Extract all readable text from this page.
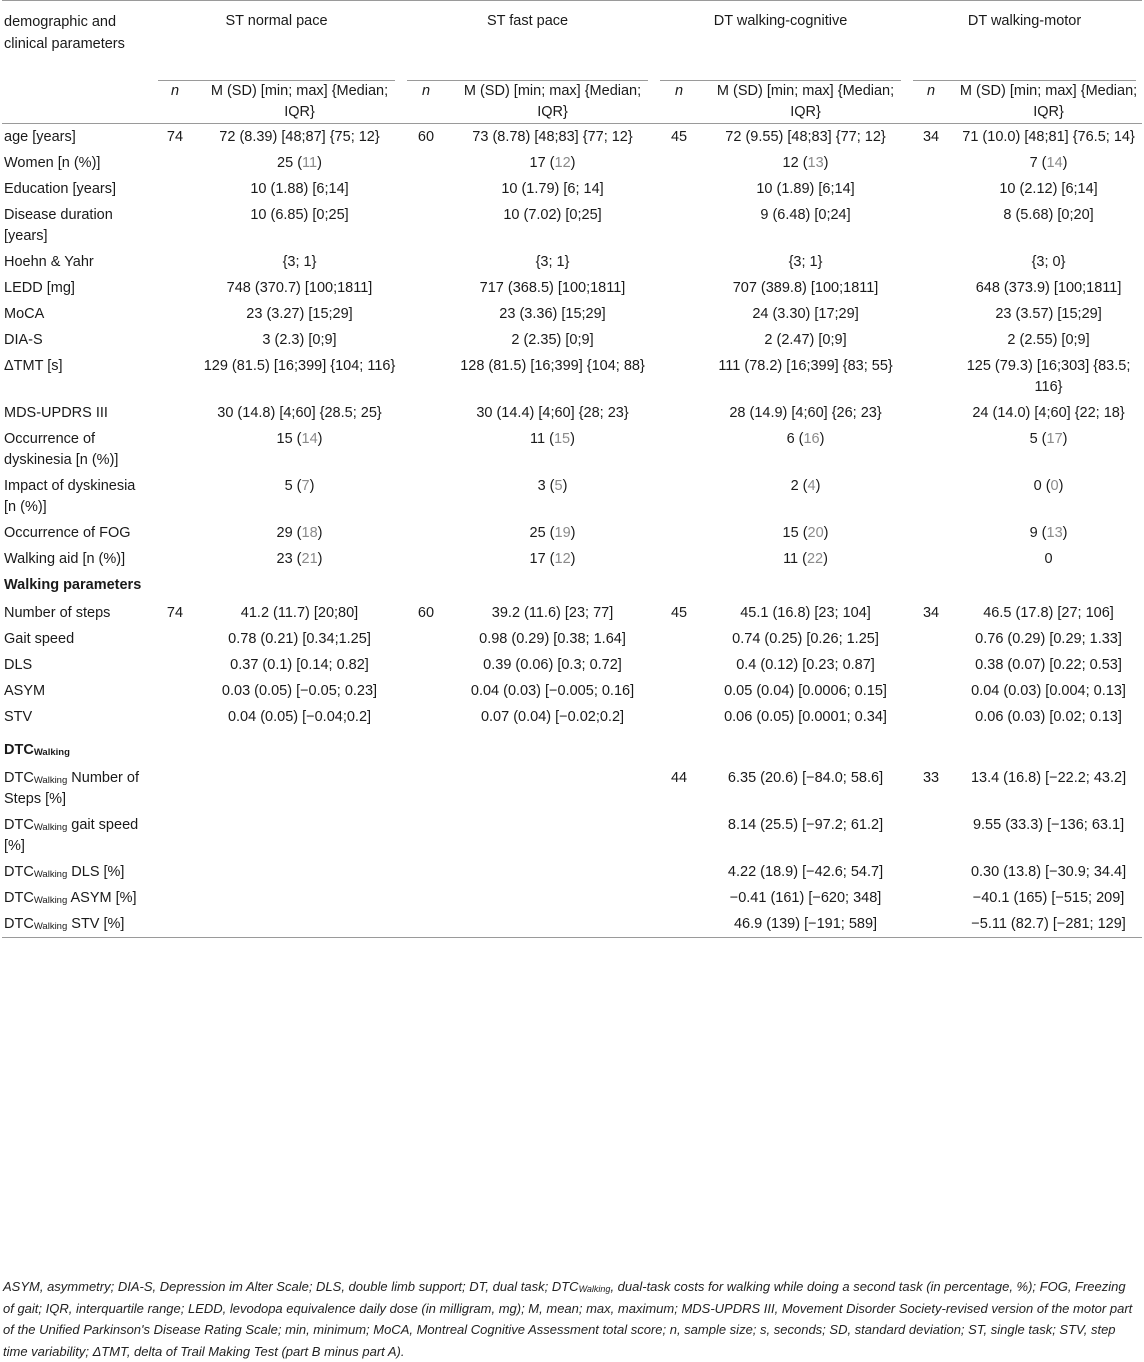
demographic and clinical parameters	ST normal pace		ST fast pace		DT walking-cognitive		DT walking-motor	
	n	M (SD) [min; max] {Median; IQR}	n	M (SD) [min; max] {Median; IQR}	n	M (SD) [min; max] {Median; IQR}	n	M (SD) [min; max] {Median; IQR}
age [years]	74	72 (8.39) [48;87] {75; 12}	60	73 (8.78) [48;83] {77; 12}	45	72 (9.55) [48;83] {77; 12}	34	71 (10.0) [48;81] {76.5; 14}
Women [n (%)]		25 (11)		17 (12)		12 (13)		7 (14)
Education [years]		10 (1.88) [6;14]		10 (1.79) [6; 14]		10 (1.89) [6;14]		10 (2.12) [6;14]
Disease duration [years]		10 (6.85) [0;25]		10 (7.02) [0;25]		9 (6.48) [0;24]		8 (5.68) [0;20]
Hoehn & Yahr		{3; 1}		{3; 1}		{3; 1}		{3; 0}
LEDD [mg]		748 (370.7) [100;1811]		717 (368.5) [100;1811]		707 (389.8) [100;1811]		648 (373.9) [100;1811]
MoCA		23 (3.27) [15;29]		23 (3.36) [15;29]		24 (3.30) [17;29]		23 (3.57) [15;29]
DIA-S		3 (2.3) [0;9]		2 (2.35) [0;9]		2 (2.47) [0;9]		2 (2.55) [0;9]
ΔTMT [s]		129 (81.5) [16;399] {104; 116}		128 (81.5) [16;399] {104; 88}		111 (78.2) [16;399] {83; 55}		125 (79.3) [16;303] {83.5; 116}
MDS-UPDRS III		30 (14.8) [4;60] {28.5; 25}		30 (14.4) [4;60] {28; 23}		28 (14.9) [4;60] {26; 23}		24 (14.0) [4;60] {22; 18}
Occurrence of dyskinesia [n (%)]		15 (14)		11 (15)		6 (16)		5 (17)
Impact of dyskinesia [n (%)]		5 (7)		3 (5)		2 (4)		0 (0)
Occurrence of FOG		29 (18)		25 (19)		15 (20)		9 (13)
Walking aid [n (%)]		23 (21)		17 (12)		11 (22)		0
Walking parameters								
Number of steps	74	41.2 (11.7) [20;80]	60	39.2 (11.6) [23; 77]	45	45.1 (16.8) [23; 104]	34	46.5 (17.8) [27; 106]
Gait speed		0.78 (0.21) [0.34;1.25]		0.98 (0.29) [0.38; 1.64]		0.74 (0.25) [0.26; 1.25]		0.76 (0.29) [0.29; 1.33]
DLS		0.37 (0.1) [0.14; 0.82]		0.39 (0.06) [0.3; 0.72]		0.4 (0.12) [0.23; 0.87]		0.38 (0.07) [0.22; 0.53]
ASYM		0.03 (0.05) [−0.05; 0.23]		0.04 (0.03) [−0.005; 0.16]		0.05 (0.04) [0.0006; 0.15]		0.04 (0.03) [0.004; 0.13]
STV		0.04 (0.05) [−0.04;0.2]		0.07 (0.04) [−0.02;0.2]		0.06 (0.05) [0.0001; 0.34]		0.06 (0.03) [0.02; 0.13]
$DTC_{Walking}$
$DTC_{Walking}$ Number of Steps [%]					44	6.35 (20.6) [−84.0; 58.6]	33	13.4 (16.8) [−22.2; 43.2]
$DTC_{Walking}$ gait speed [%]						8.14 (25.5) [−97.2; 61.2]		9.55 (33.3) [−136; 63.1]
$DTC_{Walking}$ DLS [%]						4.22 (18.9) [−42.6; 54.7]		0.30 (13.8) [−30.9; 34.4]
$DTC_{Walking}$ ASYM [%]						−0.41 (161) [−620; 348]		−40.1 (165) [−515; 209]
$DTC_{Walking}$ STV [%]						46.9 (139) [−191; 589]		−5.11 (82.7) [−281; 129]
ASYM, asymmetry; DIA-S, Depression im Alter Scale; DLS, double limb support; DT, dual task; $DTC_{Walking}$, dual-task costs for walking while doing a second task (in percentage, %); FOG, Freezing of gait; IQR, interquartile range; LEDD, levodopa equivalence daily dose (in milligram, mg); M, mean; max, maximum; MDS-UPDRS III, Movement Disorder Society-revised version of the motor part of the Unified Parkinson's Disease Rating Scale; min, minimum; MoCA, Montreal Cognitive Assessment total score; n, sample size; s, seconds; SD, standard deviation; ST, single task; STV, step time variability; ΔTMT, delta of Trail Making Test (part B minus part A).
